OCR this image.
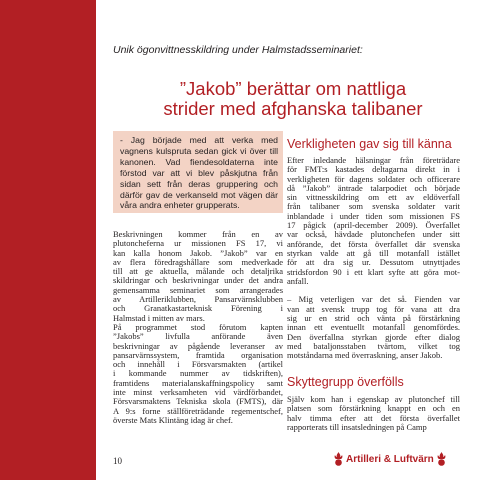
Unik ögonvittnesskildring under Halmstadsseminariet:
”Jakob” berättar om nattliga
strider med afghanska talibaner
- Jag började med att verka med vagnens kulspruta sedan gick vi över till kanonen. Vad fiendesoldaterna inte förstod var att vi blev påskjutna från sidan sett från deras gruppering och därför gav de verkanseld mot vägen där våra andra enheter grupperats.
Beskrivningen kommer från en av
plutoncheferna ur missionen FS 17, vi
kan kalla honom Jakob. ”Jakob” var en
av flera föredragshållare som medverkade
till att ge aktuella, målande och detaljrika
skildringar och beskrivningar under det andra
gemensamma seminariet som arrangerades
av Artilleriklubben, Pansarvärnsklubben
och Granatkastarteknisk Förening i
Halmstad i mitten av mars.
På programmet stod förutom kapten
”Jakobs” livfulla anförande även
beskrivningar av pågående leveranser av
pansarvärnssystem, framtida organisation
och innehåll i Försvarsmakten (artikel
i kommande nummer av tidskriften),
framtidens materialanskaffningspolicy samt
inte minst verksamheten vid värdförbandet,
Försvarsmaktens Tekniska skola (FMTS), där
A 9:s forne ställföreträdande regementschef,
överste Mats Klintäng idag är chef.
Verkligheten gav sig till känna
Efter inledande hälsningar från företrädare
för FMT:s kastades deltagarna direkt in i
verkligheten för dagens soldater och officerare
då ”Jakob” äntrade talarpodiet och började
sin vittnesskildring om ett av eldöverfall
från talibaner som svenska soldater varit
inblandade i under tiden som missionen FS
17 pågick (april-december 2009). Överfallet
var också, hävdade plutonchefen under sitt
anförande, det första överfallet där svenska
styrkan valde att gå till motanfall istället
för att dra sig ur. Dessutom utnyttjades
stridsfordon 90 i ett klart syfte att göra mot-
anfall.
– Mig veterligen var det så. Fienden var
van att svensk trupp tog för vana att dra
sig ur en strid och vänta på förstärkning
innan ett eventuellt motanfall genomfördes.
Den överfallna styrkan gjorde efter dialog
med bataljonsstaben tvärtom, vilket tog
motståndarna med överraskning, anser Jakob.
Skyttegrupp överfölls
Själv kom han i egenskap av plutonchef till
platsen som förstärkning knappt en och en
halv timma efter att det första överfallet
rapporterats till insatsledningen på Camp
10	Artilleri & Luftvärn
